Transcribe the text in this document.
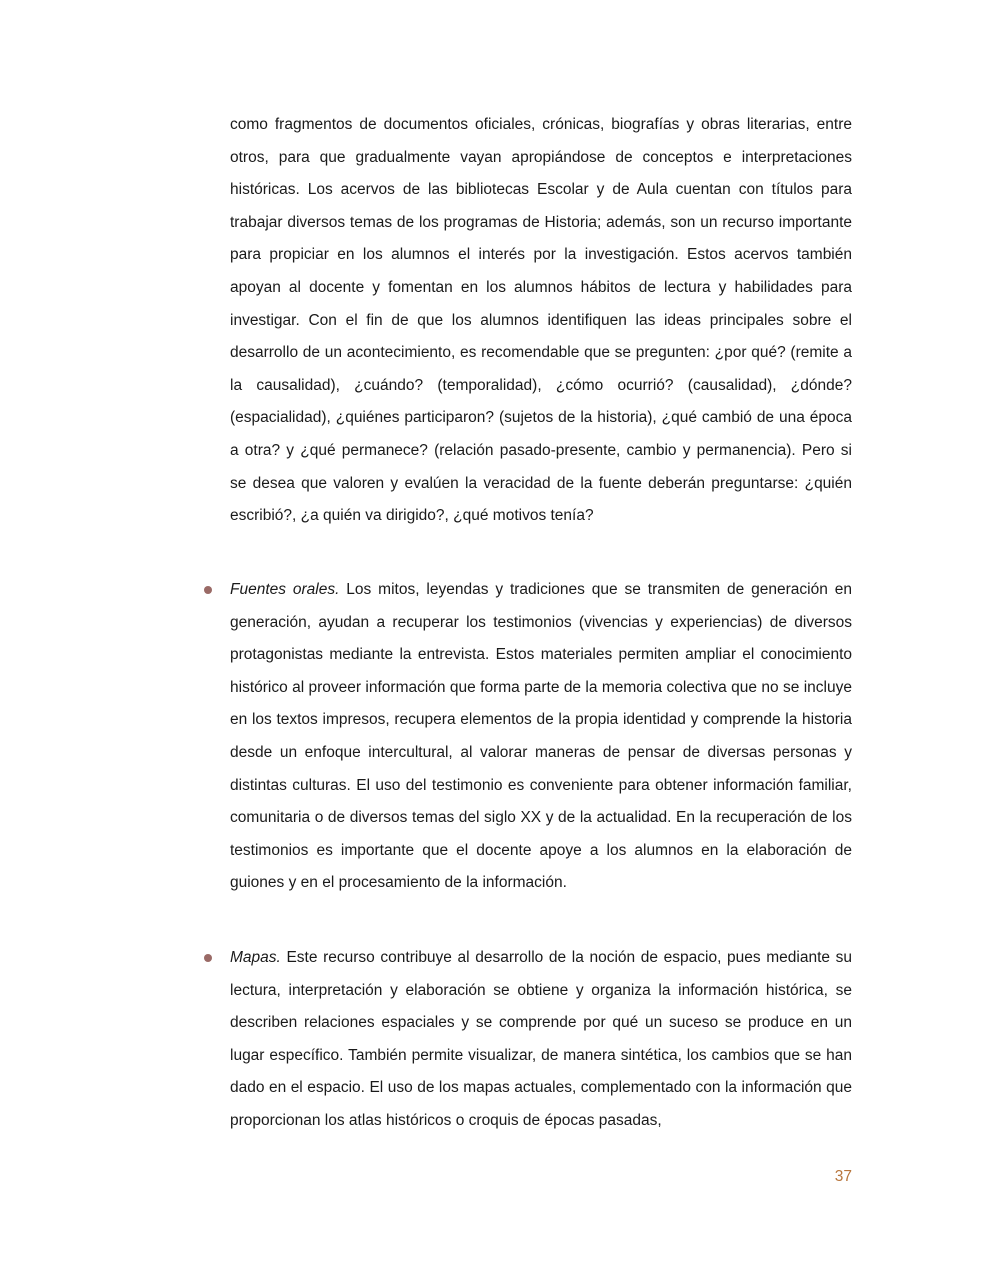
como fragmentos de documentos oficiales, crónicas, biografías y obras literarias, entre otros, para que gradualmente vayan apropiándose de conceptos e interpretaciones históricas. Los acervos de las bibliotecas Escolar y de Aula cuentan con títulos para trabajar diversos temas de los programas de Historia; además, son un recurso importante para propiciar en los alumnos el interés por la investigación. Estos acervos también apoyan al docente y fomentan en los alumnos hábitos de lectura y habilidades para investigar. Con el fin de que los alumnos identifiquen las ideas principales sobre el desarrollo de un acontecimiento, es recomendable que se pregunten: ¿por qué? (remite a la causalidad), ¿cuándo? (temporalidad), ¿cómo ocurrió? (causalidad), ¿dónde? (espacialidad), ¿quiénes participaron? (sujetos de la historia), ¿qué cambió de una época a otra? y ¿qué permanece? (relación pasado-presente, cambio y permanencia). Pero si se desea que valoren y evalúen la veracidad de la fuente deberán preguntarse: ¿quién escribió?, ¿a quién va dirigido?, ¿qué motivos tenía?

Fuentes orales. Los mitos, leyendas y tradiciones que se transmiten de generación en generación, ayudan a recuperar los testimonios (vivencias y experiencias) de diversos protagonistas mediante la entrevista. Estos materiales permiten ampliar el conocimiento histórico al proveer información que forma parte de la memoria colectiva que no se incluye en los textos impresos, recupera elementos de la propia identidad y comprende la historia desde un enfoque intercultural, al valorar maneras de pensar de diversas personas y distintas culturas. El uso del testimonio es conveniente para obtener información familiar, comunitaria o de diversos temas del siglo XX y de la actualidad. En la recuperación de los testimonios es importante que el docente apoye a los alumnos en la elaboración de guiones y en el procesamiento de la información.

Mapas. Este recurso contribuye al desarrollo de la noción de espacio, pues mediante su lectura, interpretación y elaboración se obtiene y organiza la información histórica, se describen relaciones espaciales y se comprende por qué un suceso se produce en un lugar específico. También permite visualizar, de manera sintética, los cambios que se han dado en el espacio. El uso de los mapas actuales, complementado con la información que proporcionan los atlas históricos o croquis de épocas pasadas,

37
